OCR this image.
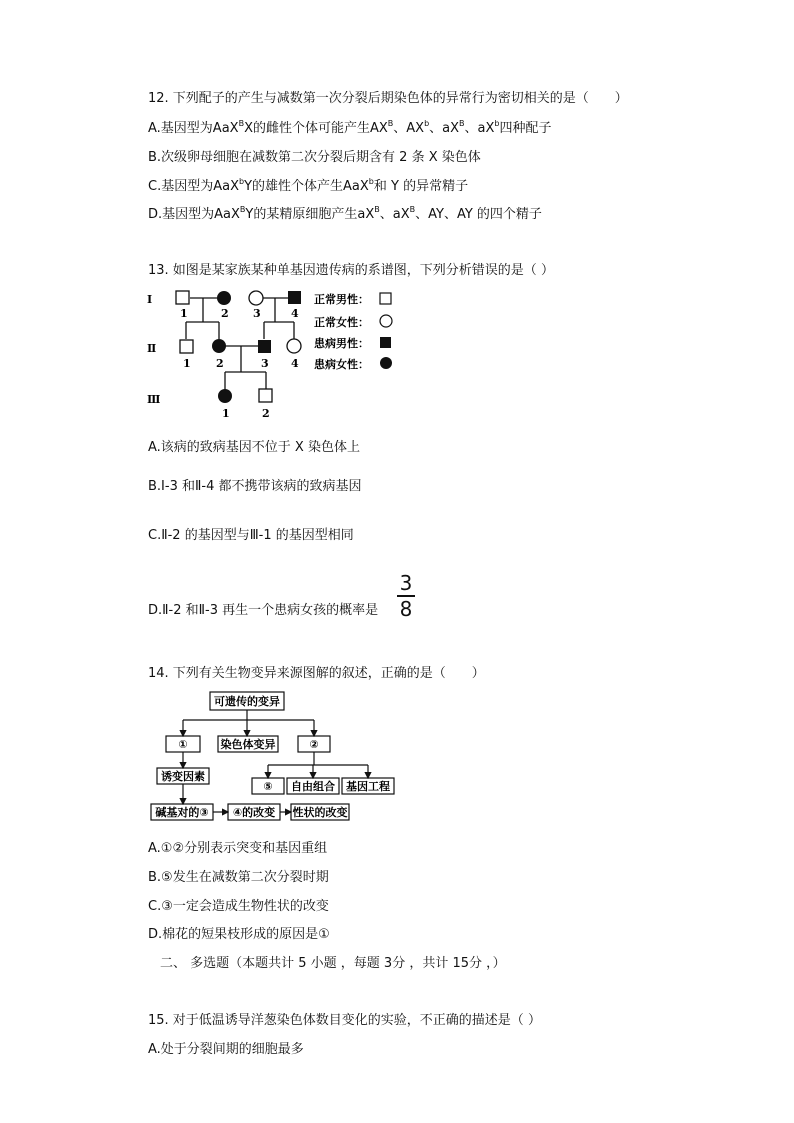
12. 下列配子的产生与减数第一次分裂后期染色体的异常行为密切相关的是（　　）
A.基因型为AaX$^B$X的雌性个体可能产生$AX^B$、$AX^b$、$aX^B$、$aX^b$四种配子
B.次级卵母细胞在减数第二次分裂后期含有 2 条 X 染色体
C.基因型为AaX$^b$Y的雄性个体产生AaX$^b$和 Y 的异常精子
D.基因型为AaX$^B$Y的某精原细胞产生$aX^B$、$aX^B$、AY、AY 的四个精子
13. 如图是某家族某种单基因遗传病的系谱图，下列分析错误的是（ ）
Ⅰ
Ⅱ
Ⅲ
1	2 3	4
1 2	3 4
1	2
正常男性：
正常女性：
患病男性：
患病女性：
A.该病的致病基因不位于 X 染色体上
B.Ⅰ-3 和Ⅱ-4 都不携带该病的致病基因
C.Ⅱ-2 的基因型与Ⅲ-1 的基因型相同
D.Ⅱ-2 和Ⅱ-3 再生一个患病女孩的概率是
3
8
14. 下列有关生物变异来源图解的叙述，正确的是（　　）
可遗传的变异
①	染色体变异	②
诱变因素
⑤ 自由组合 基因工程
碱基对的③ ④的改变 性状的改变
A.①②分别表示突变和基因重组
B.⑤发生在减数第二次分裂时期
C.③一定会造成生物性状的改变
D.棉花的短果枝形成的原因是①
二、 多选题（本题共计 5 小题 ，每题 3分 ，共计 15分 ，）
15. 对于低温诱导洋葱染色体数目变化的实验，不正确的描述是（ ）
A.处于分裂间期的细胞最多
